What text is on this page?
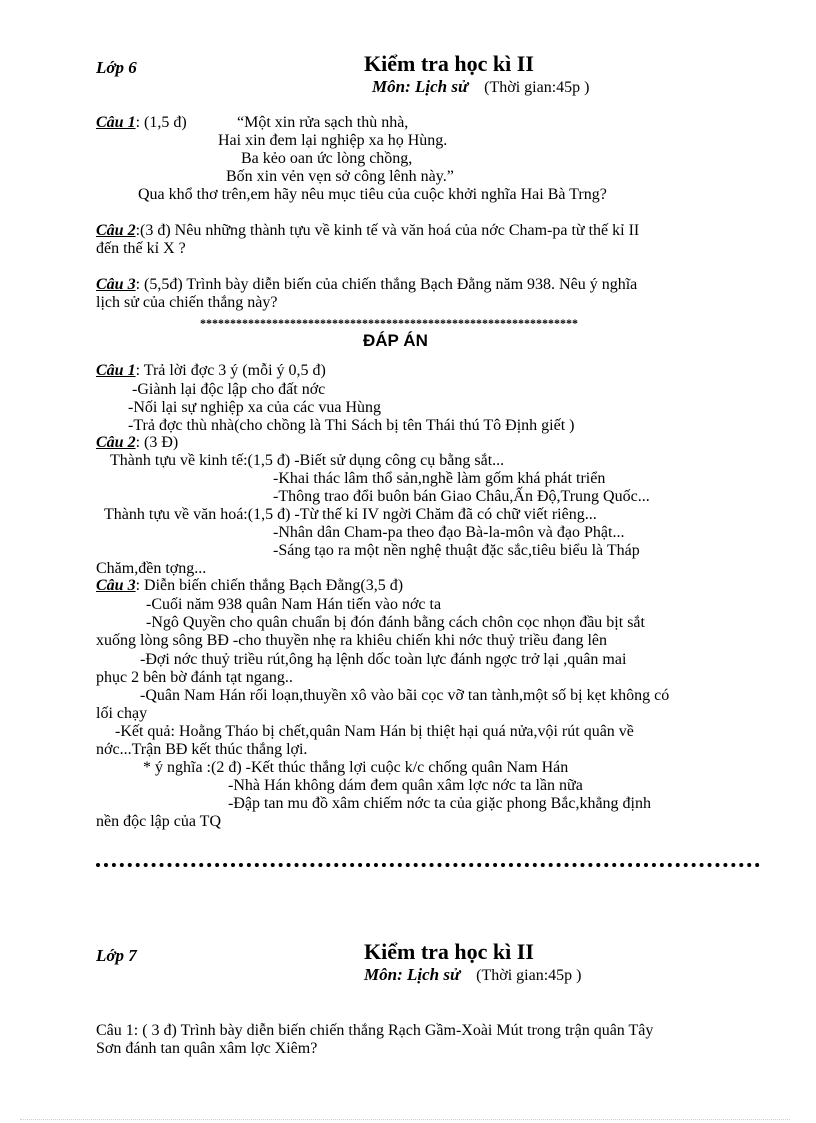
Lớp 6	Kiểm tra học kì II
Môn: Lịch sử (Thời gian:45p )
Câu 1: (1,5 đ)	“Một xin rửa sạch thù nhà,
Hai xin đem lại nghiệp xa họ Hùng.
Ba kẻo oan ức lòng chồng,
Bốn xin vẻn vẹn sở công lênh này.”
Qua khổ thơ trên,em hãy nêu mục tiêu của cuộc khởi nghĩa Hai Bà Trng?
Câu 2:(3 đ) Nêu những thành tựu về kinh tế và văn hoá của nớc Cham-pa từ thế kỉ II
đến thế kỉ X ?
Câu 3: (5,5đ) Trình bày diễn biến của chiến thắng Bạch Đằng năm 938. Nêu ý nghĩa
lịch sử của chiến thắng này?
***************************************************************
ĐÁP ÁN
Câu 1: Trả lời đợc 3 ý (mỗi ý 0,5 đ)
-Giành lại độc lập cho đất nớc
-Nối lại sự nghiệp xa của các vua Hùng
-Trả đợc thù nhà(cho chồng là Thi Sách bị tên Thái thú Tô Định giết )
Câu 2: (3 Đ)
Thành tựu về kinh tế:(1,5 đ) -Biết sử dụng công cụ bằng sắt...
-Khai thác lâm thổ sản,nghề làm gốm khá phát triển
-Thông trao đổi buôn bán Giao Châu,Ấn Độ,Trung Quốc...
Thành tựu về văn hoá:(1,5 đ) -Từ thế kỉ IV ngời Chăm đã có chữ viết riêng...
-Nhân dân Cham-pa theo đạo Bà-la-môn và đạo Phật...
-Sáng tạo ra một nền nghệ thuật đặc sắc,tiêu biểu là Tháp
Chăm,đền tợng...
Câu 3: Diễn biến chiến thắng Bạch Đằng(3,5 đ)
-Cuối năm 938 quân Nam Hán tiến vào nớc ta
-Ngô Quyền cho quân chuẩn bị đón đánh bằng cách chôn cọc nhọn đầu bịt sắt
xuống lòng sông BĐ -cho thuyền nhẹ ra khiêu chiến khi nớc thuỷ triều đang lên
-Đợi nớc thuỷ triều rút,ông hạ lệnh dốc toàn lực đánh ngợc trở lại ,quân mai
phục 2 bên bờ đánh tạt ngang..
-Quân Nam Hán rối loạn,thuyền xô vào bãi cọc vỡ tan tành,một số bị kẹt không có
lối chạy
-Kết quả: Hoằng Tháo bị chết,quân Nam Hán bị thiệt hại quá nửa,vội rút quân về
nớc...Trận BĐ kết thúc thắng lợi.
* ý nghĩa :(2 đ) -Kết thúc thắng lợi cuộc k/c chống quân Nam Hán
-Nhà Hán không dám đem quân xâm lợc nớc ta lần nữa
-Đập tan mu đồ xâm chiếm nớc ta của giặc phong Bắc,khẳng định
nền độc lập của TQ
Lớp 7	Kiểm tra học kì II
Môn: Lịch sử (Thời gian:45p )
Câu 1: ( 3 đ) Trình bày diễn biến chiến thắng Rạch Gầm-Xoài Mút trong trận quân Tây
Sơn đánh tan quân xâm lợc Xiêm?
